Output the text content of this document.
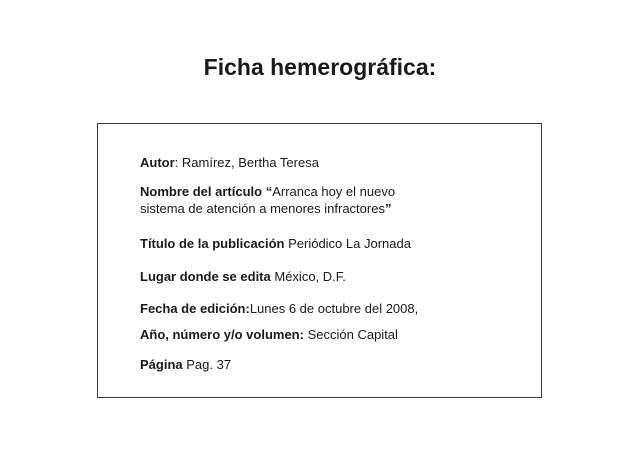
Ficha hemerográfica:

Autor: Ramírez, Bertha Teresa

Nombre del artículo “Arranca hoy el nuevo

sistema de atención a menores infractores”

Título de la publicación Periódico La Jornada

Lugar donde se edita México, D.F.

Fecha de edición:Lunes 6 de octubre del 2008,

Año, número y/o volumen: Sección Capital

Página Pag. 37
